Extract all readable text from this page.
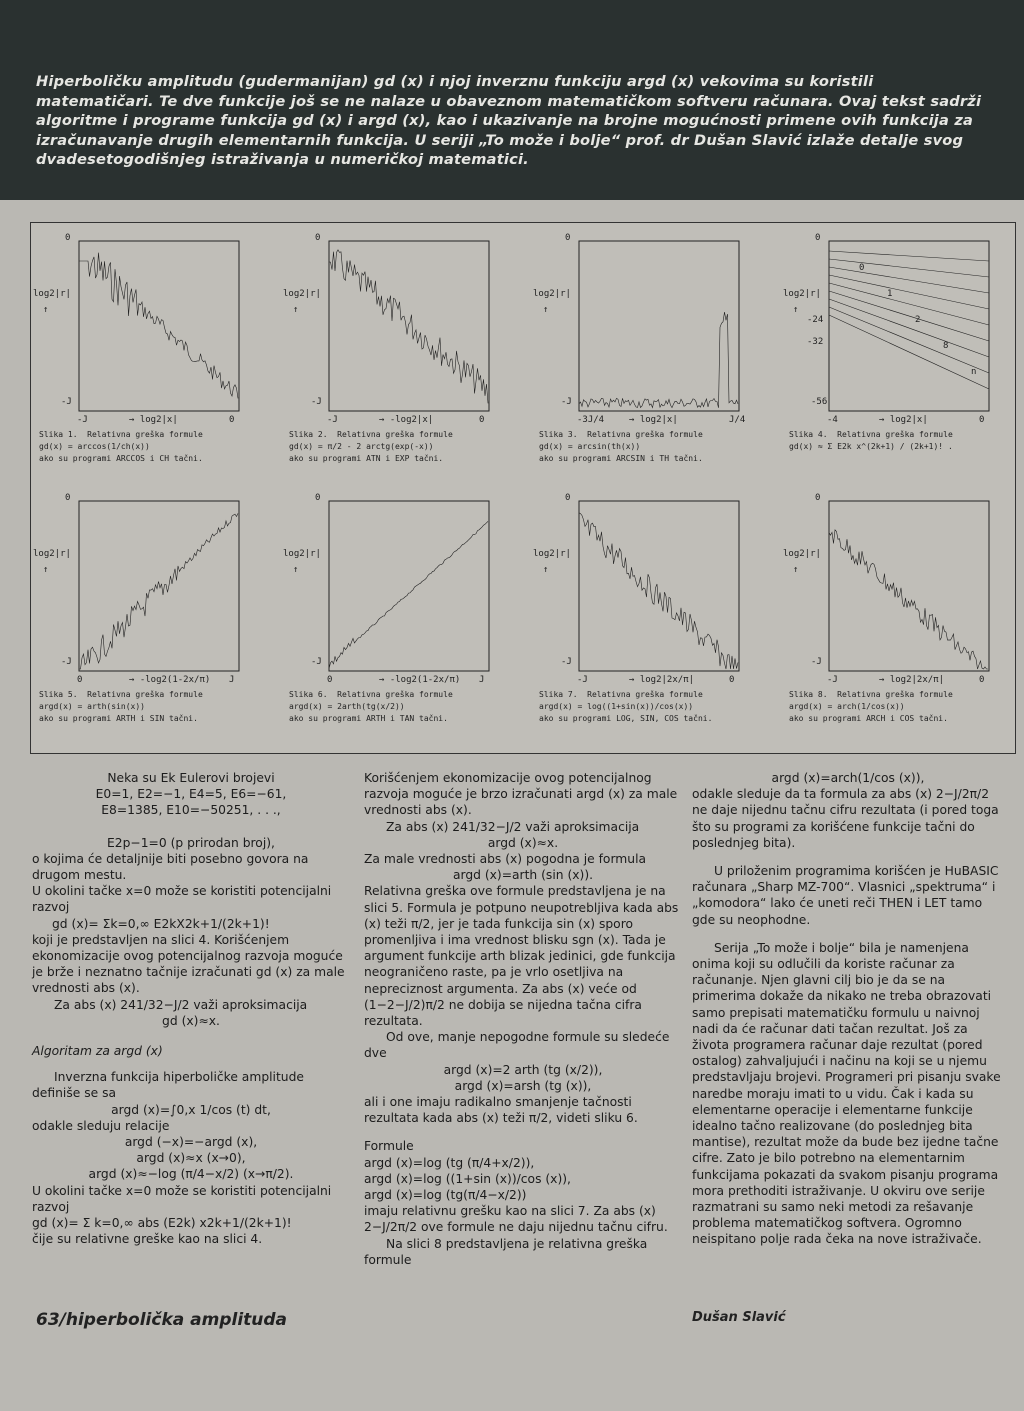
Hiperboličku amplitudu (gudermanijan) gd (x) i njoj inverznu funkciju argd (x) vekovima su koristili matematičari. Te dve funkcije još se ne nalaze u obaveznom matematičkom softveru računara. Ovaj tekst sadrži algoritme i programe funkcija gd (x) i argd (x), kao i ukazivanje na brojne mogućnosti primene ovih funkcija za izračunavanje drugih elementarnih funkcija. U seriji „To može i bolje“ prof. dr Dušan Slavić izlaže detalje svog dvadesetogodišnjeg istraživanja u numeričkoj matematici.
0
log2|r|
↑
-J
-J	→ log2|x|	0
Slika 1.  Relativna greška formule
gd(x) = arccos(1/ch(x))
ako su programi ARCCOS i CH tačni.
0
log2|r|
↑
-J
-J	→ -log2|x|	0
Slika 2.  Relativna greška formule
gd(x) = π/2 - 2 arctg(exp(-x))
ako su programi ATN i EXP tačni.
0
log2|r|
↑
-J
-3J/4	→ log2|x|	J/4
Slika 3.  Relativna greška formule
gd(x) = arcsin(th(x))
ako su programi ARCSIN i TH tačni.
0
log2|r|
↑
-56
-4	→ log2|x|	0
-24
-32
0
1
2
8
n
Slika 4.  Relativna greška formule
gd(x) ≈ Σ E2k x^(2k+1) / (2k+1)! .
0
log2|r|
↑
-J
0	→ -log2(1-2x/π) J
Slika 5.  Relativna greška formule
argd(x) = arth(sin(x))
ako su programi ARTH i SIN tačni.
0
log2|r|
↑
-J
0	→ -log2(1-2x/π) J
Slika 6.  Relativna greška formule
argd(x) = 2arth(tg(x/2))
ako su programi ARTH i TAN tačni.
0
log2|r|
↑
-J
-J	→ log2|2x/π|	0
Slika 7.  Relativna greška formule
argd(x) = log((1+sin(x))/cos(x))
ako su programi LOG, SIN, COS tačni.
0
log2|r|
↑
-J
-J	→ log2|2x/π|	0
Slika 8.  Relativna greška formule
argd(x) = arch(1/cos(x))
ako su programi ARCH i COS tačni.

Neka su Ek Eulerovi brojevi

E0=1, E2=−1, E4=5, E6=−61,

E8=1385, E10=−50251, . . .,

E2p−1=0 (p prirodan broj),

o kojima će detaljnije biti posebno govora na drugom mestu.

U okolini tačke x=0 može se koristiti potencijalni razvoj

gd (x)= Σk=0,∞ E2kX2k+1/(2k+1)!

koji je predstavljen na slici 4. Korišćenjem ekonomizacije ovog potencijalnog razvoja moguće je brže i neznatno tačnije izračunati gd (x) za male vrednosti abs (x).

Za abs (x) 241/32−J/2 važi aproksimacija

gd (x)≈x.

Algoritam za argd (x)

Inverzna funkcija hiperboličke amplitude definiše se sa

argd (x)=∫0,x 1/cos (t) dt,

odakle sleduju relacije

argd (−x)=−argd (x),

argd (x)≈x (x→0),

argd (x)≈−log (π/4−x/2) (x→π/2).

U okolini tačke x=0 može se koristiti potencijalni razvoj

gd (x)= Σ k=0,∞ abs (E2k) x2k+1/(2k+1)!

čije su relativne greške kao na slici 4.

Korišćenjem ekonomizacije ovog potencijalnog razvoja moguće je brzo izračunati argd (x) za male vrednosti abs (x).

Za abs (x) 241/32−J/2 važi aproksimacija

argd (x)≈x.

Za male vrednosti abs (x) pogodna je formula

argd (x)=arth (sin (x)).

Relativna greška ove formule predstavljena je na slici 5. Formula je potpuno neupotrebljiva kada abs (x) teži π/2, jer je tada funkcija sin (x) sporo promenljiva i ima vrednost blisku sgn (x). Tada je argument funkcije arth blizak jedinici, gde funkcija neograničeno raste, pa je vrlo osetljiva na nepreciznost argumenta. Za abs (x) veće od (1−2−J/2)π/2 ne dobija se nijedna tačna cifra rezultata.

Od ove, manje nepogodne formule su sledeće dve

argd (x)=2 arth (tg (x/2)),

argd (x)=arsh (tg (x)),

ali i one imaju radikalno smanjenje tačnosti rezultata kada abs (x) teži π/2, videti sliku 6.

Formule

argd (x)=log (tg (π/4+x/2)),

argd (x)=log ((1+sin (x))/cos (x)),

argd (x)=log (tg(π/4−x/2))

imaju relativnu grešku kao na slici 7. Za abs (x) 2−J/2π/2 ove formule ne daju nijednu tačnu cifru.

Na slici 8 predstavljena je relativna greška formule

argd (x)=arch(1/cos (x)),

odakle sleduje da ta formula za abs (x) 2−J/2π/2 ne daje nijednu tačnu cifru rezultata (i pored toga što su programi za korišćene funkcije tačni do poslednjeg bita).

U priloženim programima korišćen je HuBASIC računara „Sharp MZ-700“. Vlasnici „spektruma“ i „komodora“ lako će uneti reči THEN i LET tamo gde su neophodne.

Serija „To može i bolje“ bila je namenjena onima koji su odlučili da koriste računar za računanje. Njen glavni cilj bio je da se na primerima dokaže da nikako ne treba obrazovati samo prepisati matematičku formulu u naivnoj nadi da će računar dati tačan rezultat. Još za života programera računar daje rezultat (pored ostalog) zahvaljujući i načinu na koji se u njemu predstavljaju brojevi. Programeri pri pisanju svake naredbe moraju imati to u vidu. Čak i kada su elementarne operacije i elementarne funkcije idealno tačno realizovane (do poslednjeg bita mantise), rezultat može da bude bez ijedne tačne cifre. Zato je bilo potrebno na elementarnim funkcijama pokazati da svakom pisanju programa mora prethoditi istraživanje. U okviru ove serije razmatrani su samo neki metodi za rešavanje problema matematičkog softvera. Ogromno neispitano polje rada čeka na nove istraživače.

63/hiperbolička amplituda	Dušan Slavić
